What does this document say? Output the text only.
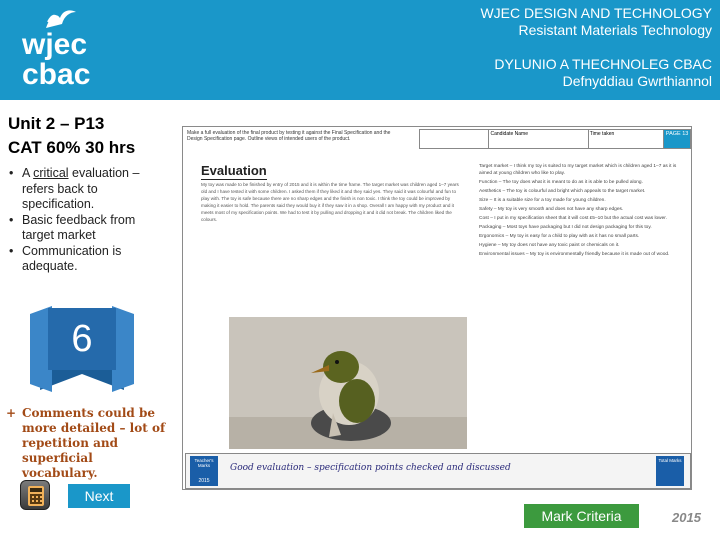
wjec
cbac
WJEC DESIGN AND TECHNOLOGY
Resistant Materials Technology
DYLUNIO A THECHNOLEG CBAC
Defnyddiau Gwrthiannol
Unit 2 – P13
CAT 60% 30 hrs
• A critical evaluation – refers back to specification.
• Basic feedback from target market
• Communication is adequate.
6
+ Comments could be more detailed – lot of repetition and superficial vocabulary.
Next
Mark Criteria	2015
Make a full evaluation of the final product by testing it against the Final Specification and the Design Specification page. Outline views of intended users of the product.
Candidate Name	Time taken	PAGE 13
Evaluation
My toy was made to be finished by entry of 2015 and it is within the time frame. The target market was children aged 1–7 years old and I have tested it with some children. I asked them if they liked it and they said yes. They said it was colourful and fun to play with. The toy is safe because there are no sharp edges and the finish is non toxic. I think the toy could be improved by making it easier to hold. The parents said they would buy it if they saw it in a shop. Overall I am happy with my product and it meets most of my specification points. We had to test it by pulling and dropping it and it did not break. The children liked the colours.

Target market – I think my toy is suited to my target market which is children aged 1–7 as it is aimed at young children who like to play.

Function – The toy does what it is meant to do as it is able to be pulled along.

Aesthetics – The toy is colourful and bright which appeals to the target market.

Size – It is a suitable size for a toy made for young children.

Safety – My toy is very smooth and does not have any sharp edges.

Cost – I put in my specification sheet that it will cost £5–10 but the actual cost was lower.

Packaging – Most toys have packaging but I did not design packaging for this toy.

Ergonomics – My toy is easy for a child to play with as it has no small parts.

Hygiene – My toy does not have any toxic paint or chemicals on it.

Environmental issues – My toy is environmentally friendly because it is made out of wood.

Teacher's Marks
2015
Good evaluation – specification points checked and discussed
Total Marks
